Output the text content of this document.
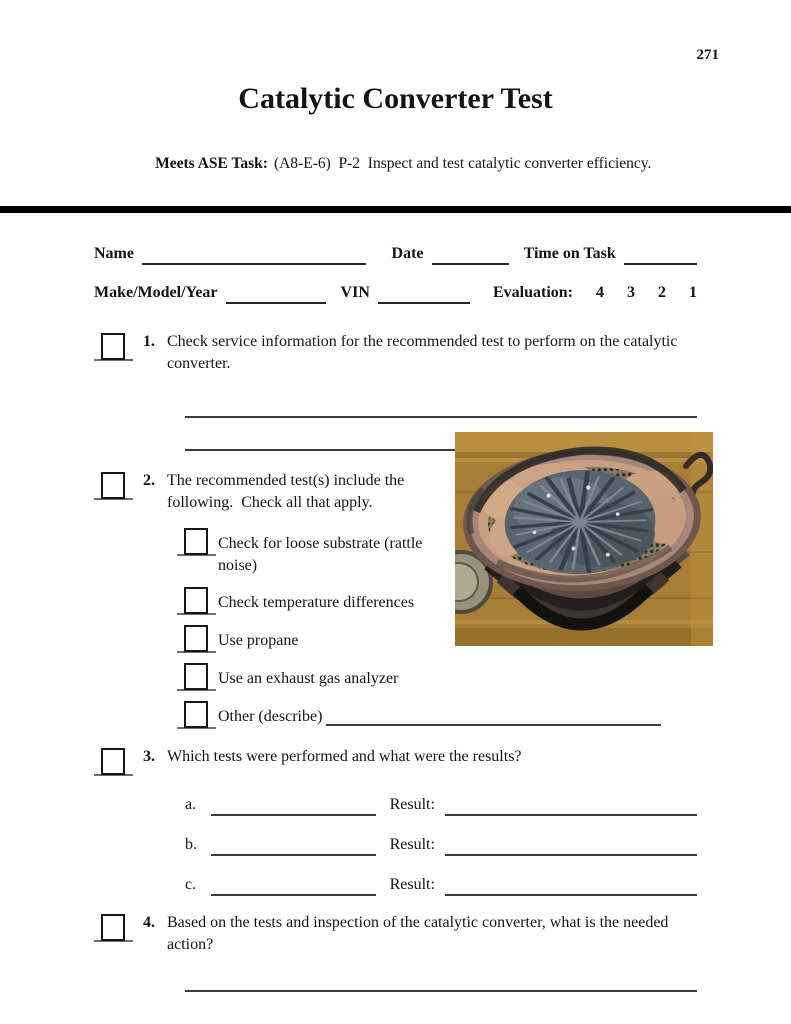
271
Catalytic Converter Test

Meets ASE Task: (A8-E-6)  P-2  Inspect and test catalytic converter efficiency.

Name	Date	Time on Task
Make/Model/Year	VIN	Evaluation: 4 3 2 1
1. Check service information for the recommended test to perform on the catalytic converter.
2. The recommended test(s) include the following.  Check all that apply.
Check for loose substrate (rattle noise)
Check temperature differences
Use propane
Use an exhaust gas analyzer
Other (describe)
3. Which tests were performed and what were the results?
a.	Result:
b.	Result:
c.	Result:
4. Based on the tests and inspection of the catalytic converter, what is the needed action?
